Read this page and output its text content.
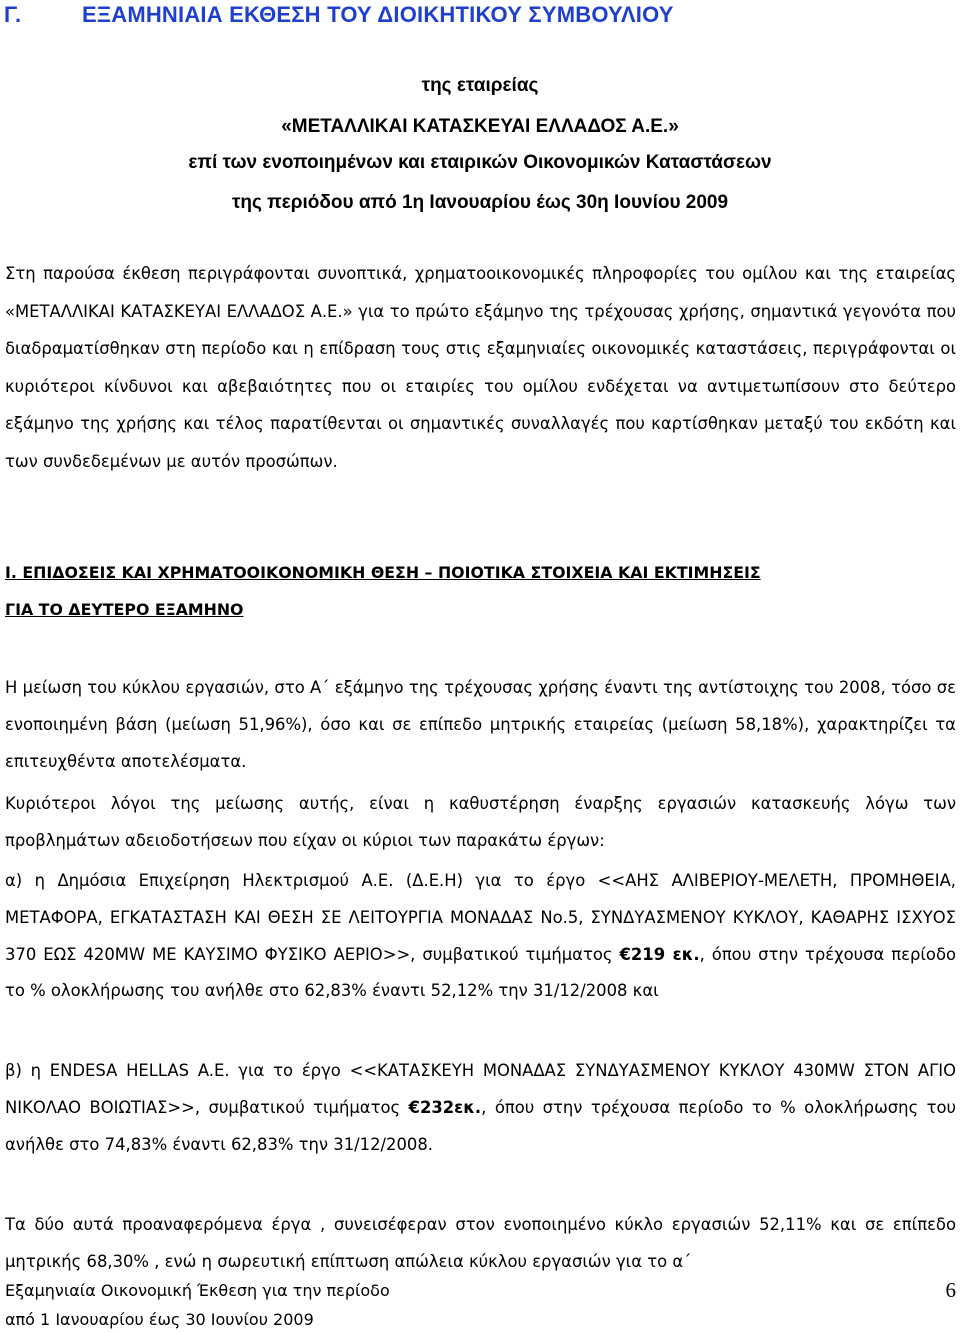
Γ.	ΕΞΑΜΗΝΙΑΙΑ ΕΚΘΕΣΗ ΤΟΥ ΔΙΟΙΚΗΤΙΚΟΥ ΣΥΜΒΟΥΛΙΟΥ
της εταιρείας
«ΜΕΤΑΛΛΙΚΑΙ ΚΑΤΑΣΚΕΥΑΙ ΕΛΛΑΔΟΣ Α.Ε.»
επί των ενοποιημένων και εταιρικών Οικονομικών Καταστάσεων
της περιόδου από 1η Ιανουαρίου έως 30η Ιουνίου 2009
Στη παρούσα έκθεση περιγράφονται συνοπτικά, χρηματοοικονομικές πληροφορίες του ομίλου και της εταιρείας «ΜΕΤΑΛΛΙΚΑΙ ΚΑΤΑΣΚΕΥΑΙ ΕΛΛΑΔΟΣ Α.Ε.» για το πρώτο εξάμηνο της τρέχουσας χρήσης, σημαντικά γεγονότα που διαδραματίσθηκαν στη περίοδο και η επίδραση τους στις εξαμηνιαίες οικονομικές καταστάσεις, περιγράφονται οι κυριότεροι κίνδυνοι και αβεβαιότητες που οι εταιρίες του ομίλου ενδέχεται να αντιμετωπίσουν στο δεύτερο εξάμηνο της χρήσης και τέλος παρατίθενται οι σημαντικές συναλλαγές που καρτίσθηκαν μεταξύ του εκδότη και των συνδεδεμένων με αυτόν προσώπων.
Ι. ΕΠΙΔΟΣΕΙΣ ΚΑΙ ΧΡΗΜΑΤΟΟΙΚΟΝΟΜΙΚΗ ΘΕΣΗ – ΠΟΙΟΤΙΚΑ ΣΤΟΙΧΕΙΑ ΚΑΙ ΕΚΤΙΜΗΣΕΙΣ
ΓΙΑ ΤΟ ΔΕΥΤΕΡΟ ΕΞΑΜΗΝΟ
Η μείωση του κύκλου εργασιών, στο Α΄ εξάμηνο της τρέχουσας χρήσης έναντι της αντίστοιχης του 2008, τόσο σε ενοποιημένη βάση (μείωση 51,96%), όσο και σε επίπεδο μητρικής εταιρείας (μείωση 58,18%), χαρακτηρίζει τα επιτευχθέντα αποτελέσματα.
Κυριότεροι λόγοι της μείωσης αυτής, είναι η καθυστέρηση έναρξης εργασιών κατασκευής λόγω των προβλημάτων αδειοδοτήσεων που είχαν οι κύριοι των παρακάτω έργων:
α) η Δημόσια Επιχείρηση Ηλεκτρισμού Α.Ε. (Δ.Ε.Η) για το έργο <<ΑΗΣ ΑΛΙΒΕΡΙΟΥ-ΜΕΛΕΤΗ, ΠΡΟΜΗΘΕΙΑ, ΜΕΤΑΦΟΡΑ, ΕΓΚΑΤΑΣΤΑΣΗ ΚΑΙ ΘΕΣΗ ΣΕ ΛΕΙΤΟΥΡΓΙΑ ΜΟΝΑΔΑΣ Νο.5, ΣΥΝΔΥΑΣΜΕΝΟΥ ΚΥΚΛΟΥ, ΚΑΘΑΡΗΣ ΙΣΧΥΟΣ 370 ΕΩΣ 420MW ΜΕ ΚΑΥΣΙΜΟ ΦΥΣΙΚΟ ΑΕΡΙΟ>>, συμβατικού τιμήματος €219 εκ., όπου στην τρέχουσα περίοδο το % ολοκλήρωσης του ανήλθε στο 62,83% έναντι 52,12% την 31/12/2008 και
β) η ENDESA HELLAS A.E. για το έργο <<ΚΑΤΑΣΚΕΥΗ ΜΟΝΑΔΑΣ ΣΥΝΔΥΑΣΜΕΝΟΥ ΚΥΚΛΟΥ 430MW ΣΤΟΝ ΑΓΙΟ ΝΙΚΟΛΑΟ ΒΟΙΩΤΙΑΣ>>, συμβατικού τιμήματος €232εκ., όπου στην τρέχουσα περίοδο το % ολοκλήρωσης του ανήλθε στο 74,83% έναντι 62,83% την 31/12/2008.
Τα δύο αυτά προαναφερόμενα έργα , συνεισέφεραν στον ενοποιημένο κύκλο εργασιών 52,11% και σε επίπεδο μητρικής 68,30% , ενώ η σωρευτική επίπτωση απώλεια κύκλου εργασιών για το α΄
Εξαμηνιαία Οικονομική Έκθεση για την περίοδο
από 1 Ιανουαρίου έως 30 Ιουνίου 2009
6
